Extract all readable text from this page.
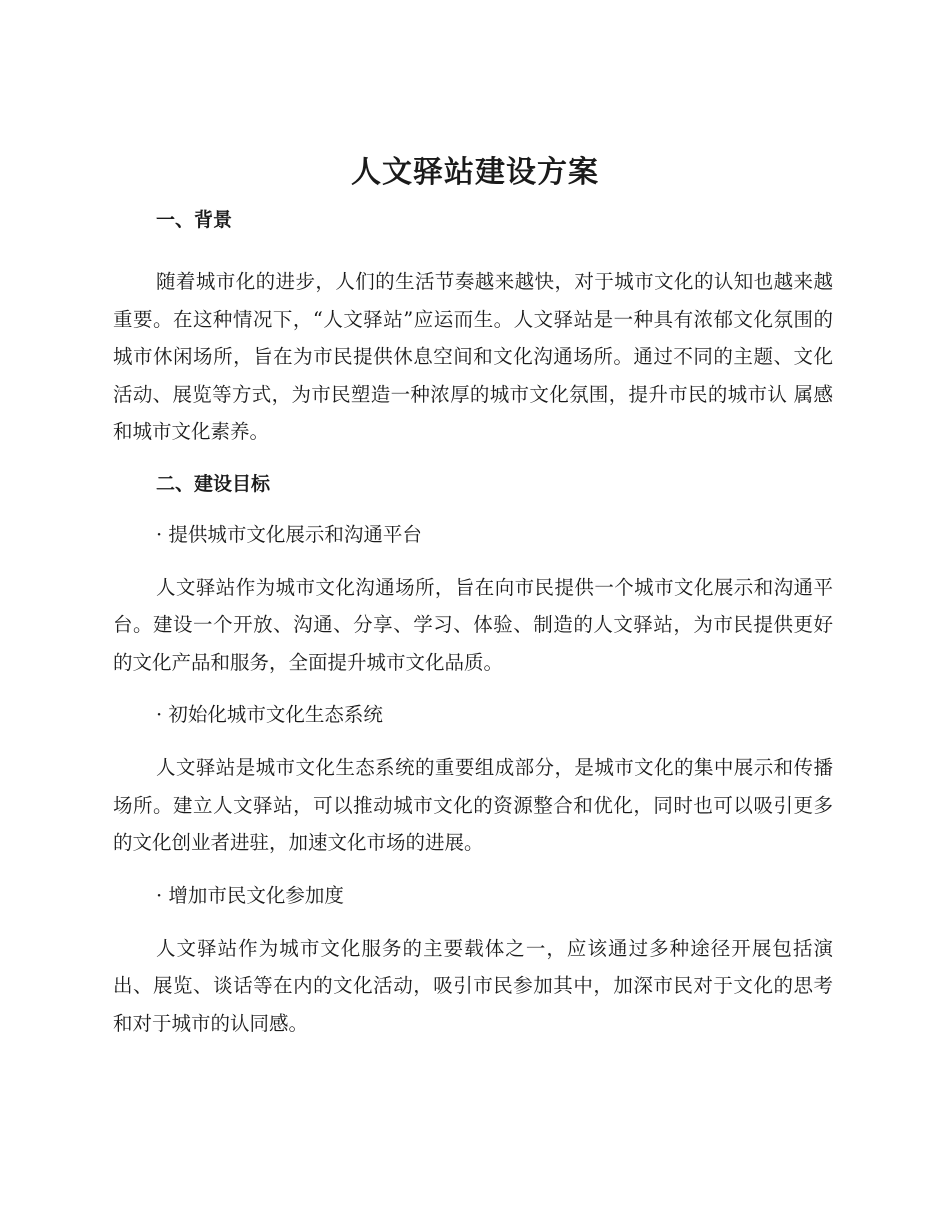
人文驿站建设方案

一、背景

随着城市化的进步，人们的生活节奏越来越快，对于城市文化的认知也越来越重要。在这种情况下，“人文驿站”应运而生。人文驿站是一种具有浓郁文化氛围的城市休闲场所，旨在为市民提供休息空间和文化沟通场所。通过不同的主题、文化活动、展览等方式，为市民塑造一种浓厚的城市文化氛围，提升市民的城市认 属感和城市文化素养。

二、建设目标

· 提供城市文化展示和沟通平台

人文驿站作为城市文化沟通场所，旨在向市民提供一个城市文化展示和沟通平台。建设一个开放、沟通、分享、学习、体验、制造的人文驿站，为市民提供更好的文化产品和服务，全面提升城市文化品质。

· 初始化城市文化生态系统

人文驿站是城市文化生态系统的重要组成部分，是城市文化的集中展示和传播场所。建立人文驿站，可以推动城市文化的资源整合和优化，同时也可以吸引更多的文化创业者进驻，加速文化市场的进展。

· 增加市民文化参加度

人文驿站作为城市文化服务的主要载体之一，应该通过多种途径开展包括演出、展览、谈话等在内的文化活动，吸引市民参加其中，加深市民对于文化的思考和对于城市的认同感。
